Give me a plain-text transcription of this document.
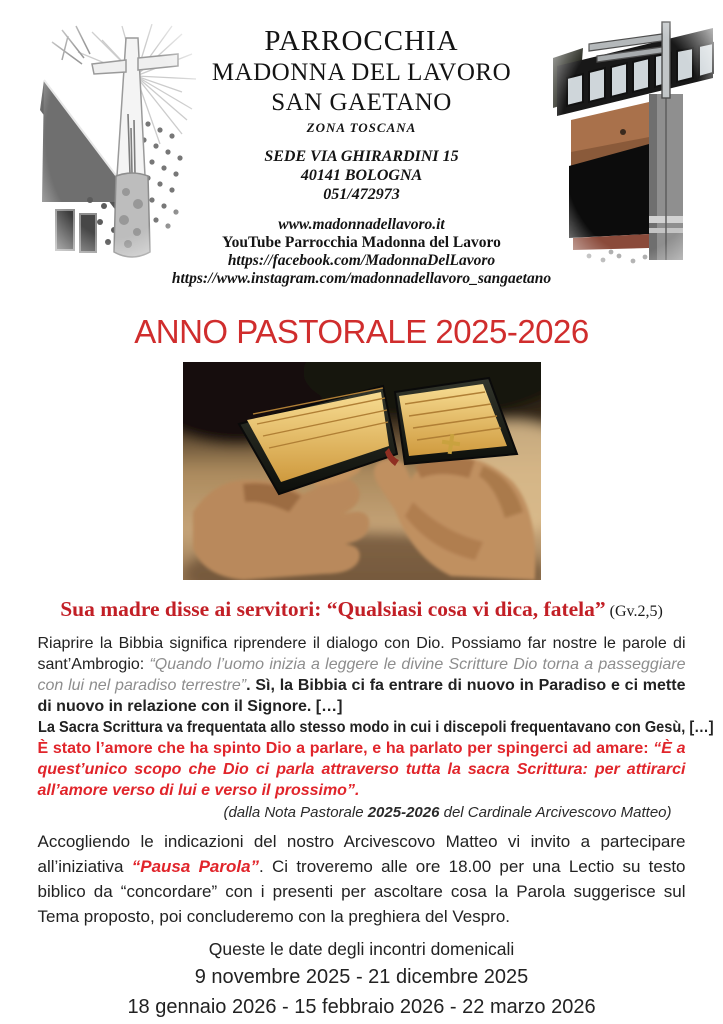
PARROCCHIA
MADONNA DEL LAVORO
SAN GAETANO
ZONA TOSCANA
SEDE VIA GHIRARDINI 15
40141 BOLOGNA
051/472973
www.madonnadellavoro.it
YouTube Parrocchia Madonna del Lavoro
https://facebook.com/MadonnaDelLavoro
https://www.instagram.com/madonnadellavoro_sangaetano
ANNO PASTORALE 2025-2026
Sua madre disse ai servitori: “Qualsiasi cosa vi dica, fatela” (Gv.2,5)

Riaprire la Bibbia significa riprendere il dialogo con Dio. Possiamo far nostre le parole di sant’Ambrogio: “Quando l’uomo inizia a leggere le divine Scritture Dio torna a passeggiare con lui nel paradiso terrestre”. Sì, la Bibbia ci fa entrare di nuovo in Paradiso e ci mette di nuovo in relazione con il Signore. […]

La Sacra Scrittura va frequentata allo stesso modo in cui i discepoli frequentavano con Gesù, […]

È stato l’amore che ha spinto Dio a parlare, e ha parlato per spingerci ad amare: “È a quest’unico scopo che Dio ci parla attraverso tutta la sacra Scrittura: per attirarci all’amore verso di lui e verso il prossimo”.

(dalla Nota Pastorale 2025-2026 del Cardinale Arcivescovo Matteo)

Accogliendo le indicazioni del nostro Arcivescovo Matteo vi invito a partecipare all’iniziativa “Pausa Parola”. Ci troveremo alle ore 18.00 per una Lectio su testo biblico da “concordare” con i presenti per ascoltare cosa la Parola suggerisce sul Tema proposto, poi concluderemo con la preghiera del Vespro.

Queste le date degli incontri domenicali

9 novembre 2025 - 21 dicembre 2025

18 gennaio 2026 - 15 febbraio 2026 - 22 marzo 2026
